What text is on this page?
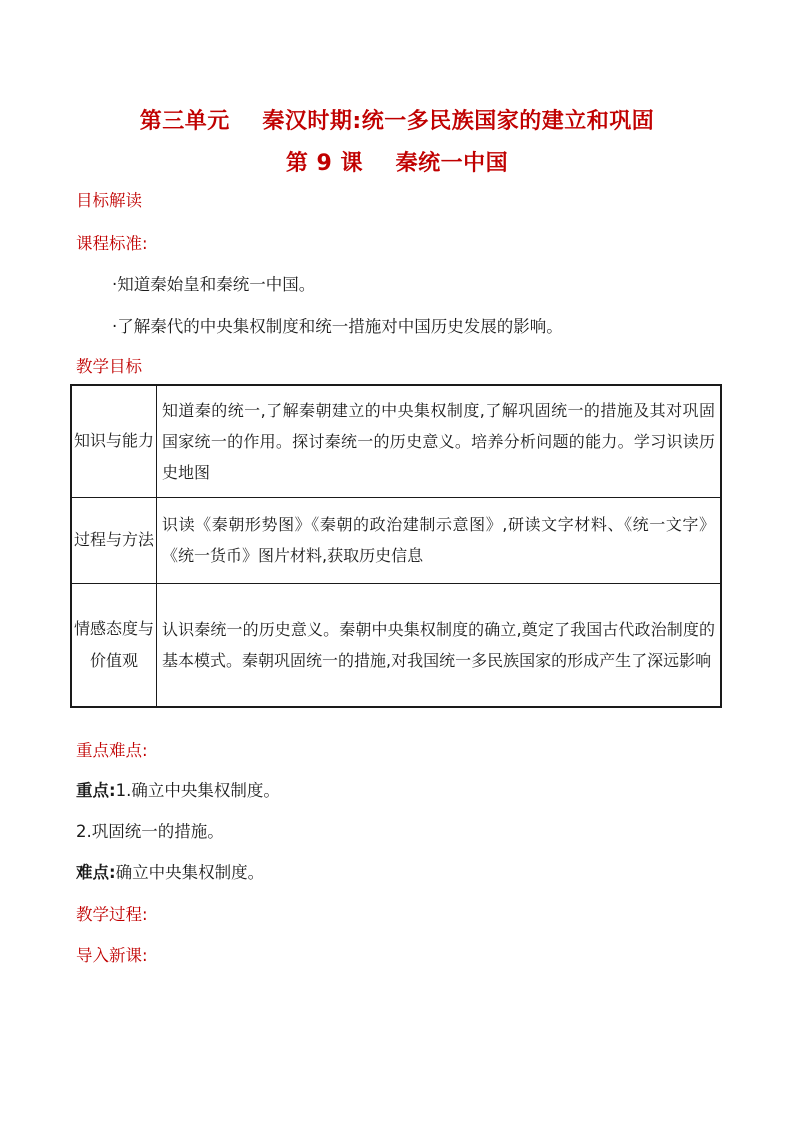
第三单元    秦汉时期:统一多民族国家的建立和巩固
第 9 课    秦统一中国
目标解读
课程标准:
·知道秦始皇和秦统一中国。
·了解秦代的中央集权制度和统一措施对中国历史发展的影响。
教学目标
知识与能力	知道秦的统一,了解秦朝建立的中央集权制度,了解巩固统一的措施及其对巩固国家统一的作用。探讨秦统一的历史意义。培养分析问题的能力。学习识读历史地图
过程与方法	识读《秦朝形势图》《秦朝的政治建制示意图》,研读文字材料、《统一文字》《统一货币》图片材料,获取历史信息
情感态度与价值观	认识秦统一的历史意义。秦朝中央集权制度的确立,奠定了我国古代政治制度的基本模式。秦朝巩固统一的措施,对我国统一多民族国家的形成产生了深远影响
重点难点:
重点:1.确立中央集权制度。
2.巩固统一的措施。
难点:确立中央集权制度。
教学过程:
导入新课:
